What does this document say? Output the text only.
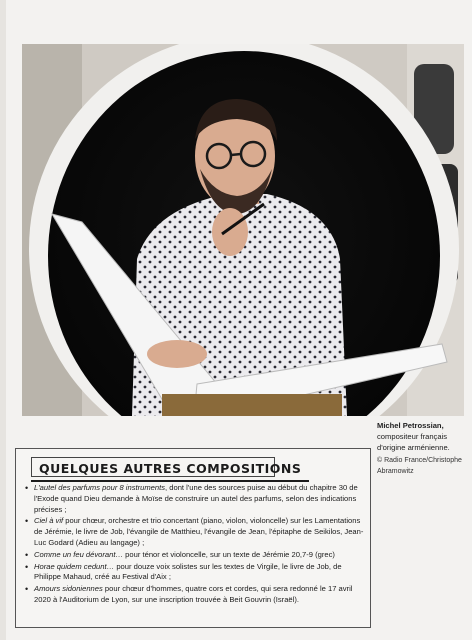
Michel Petrossian,
compositeur français
d'origine arménienne.
© Radio France/Christophe Abramowitz
QUELQUES AUTRES COMPOSITIONS
• L'autel des parfums pour 8 instruments, dont l'une des sources puise au début du chapitre 30 de l'Exode quand Dieu demande à Moïse de construire un autel des parfums, selon des indications précises ;
• Ciel à vif pour chœur, orchestre et trio concertant (piano, violon, violoncelle) sur les Lamentations de Jérémie, le livre de Job, l'évangile de Matthieu, l'évangile de Jean, l'épitaphe de Seikilos, Jean-Luc Godard (Adieu au langage) ;
• Comme un feu dévorant… pour ténor et violoncelle, sur un texte de Jérémie 20,7-9 (grec)
• Horae quidem cedunt… pour douze voix solistes sur les textes de Virgile, le livre de Job, de Philippe Mahaud, créé au Festival d'Aix ;
• Amours sidoniennes pour chœur d'hommes, quatre cors et cordes, qui sera redonné le 17 avril 2020 à l'Auditorium de Lyon, sur une inscription trouvée à Beit Gouvrin (Israël).
